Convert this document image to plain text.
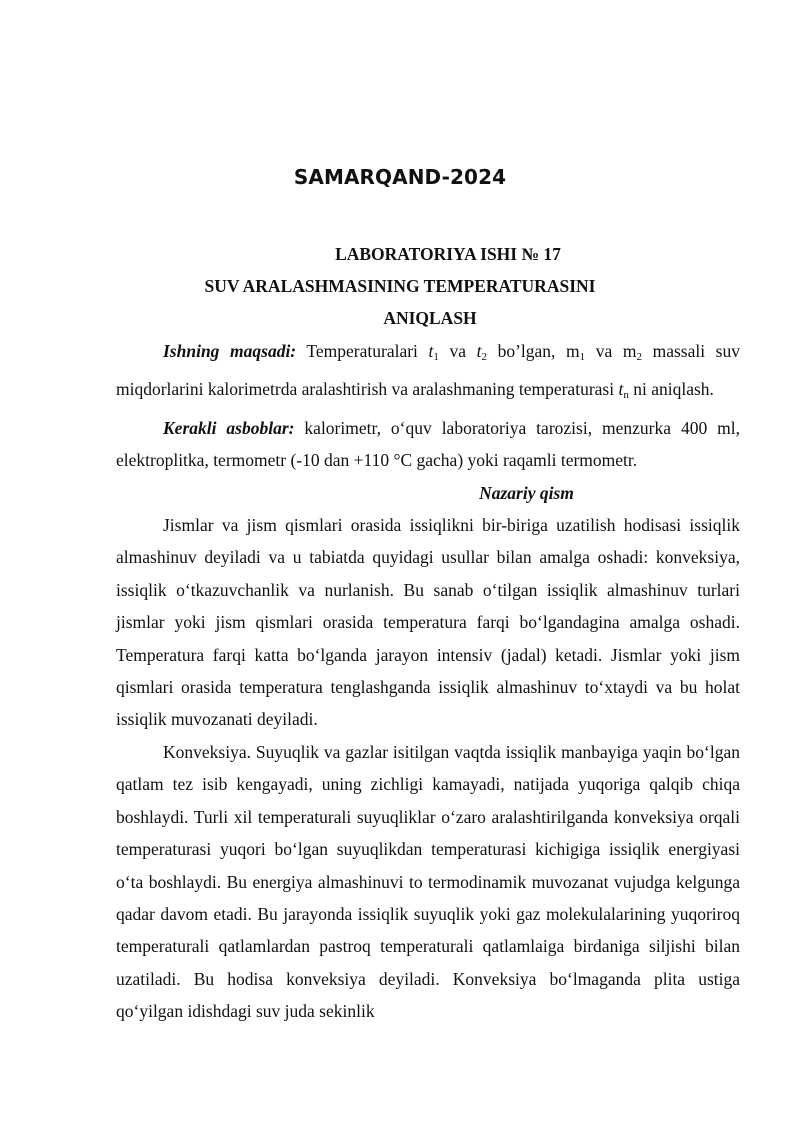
SAMARQAND-2024
LABORATORIYA ISHI № 17
SUV ARALASHMASINING TEMPERATURASINI
ANIQLASH

Ishning maqsadi: Temperaturalari $t_1$ va $t_2$ bo’lgan, $m_1$ va $m_2$ massali suv miqdorlarini kalorimetrda aralashtirish va aralashmaning temperaturasi $t_n$ ni aniqlash.

Kerakli asboblar: kalorimetr, oʻquv laboratoriya tarozisi, menzurka 400 ml, elektroplitka, termometr (-10 dan +110 °C gacha) yoki raqamli termometr.

Nazariy qism

Jismlar va jism qismlari orasida issiqlikni bir-biriga uzatilish hodisasi issiqlik almashinuv deyiladi va u tabiatda quyidagi usullar bilan amalga oshadi: konveksiya, issiqlik oʻtkazuvchanlik va nurlanish. Bu sanab oʻtilgan issiqlik almashinuv turlari jismlar yoki jism qismlari orasida temperatura farqi boʻlgandagina amalga oshadi. Temperatura farqi katta boʻlganda jarayon intensiv (jadal) ketadi. Jismlar yoki jism qismlari orasida temperatura tenglashganda issiqlik almashinuv toʻxtaydi va bu holat issiqlik muvozanati deyiladi.

Konveksiya. Suyuqlik va gazlar isitilgan vaqtda issiqlik manbayiga yaqin boʻlgan qatlam tez isib kengayadi, uning zichligi kamayadi, natijada yuqoriga qalqib chiqa boshlaydi. Turli xil temperaturali suyuqliklar oʻzaro aralashtirilganda konveksiya orqali temperaturasi yuqori boʻlgan suyuqlikdan temperaturasi kichigiga issiqlik energiyasi oʻta boshlaydi. Bu energiya almashinuvi to termodinamik muvozanat vujudga kelgunga qadar davom etadi. Bu jarayonda issiqlik suyuqlik yoki gaz molekulalarining yuqoriroq temperaturali qatlamlardan pastroq temperaturali qatlamlaiga birdaniga siljishi bilan uzatiladi. Bu hodisa konveksiya deyiladi. Konveksiya boʻlmaganda plita ustiga qoʻyilgan idishdagi suv juda sekinlik
